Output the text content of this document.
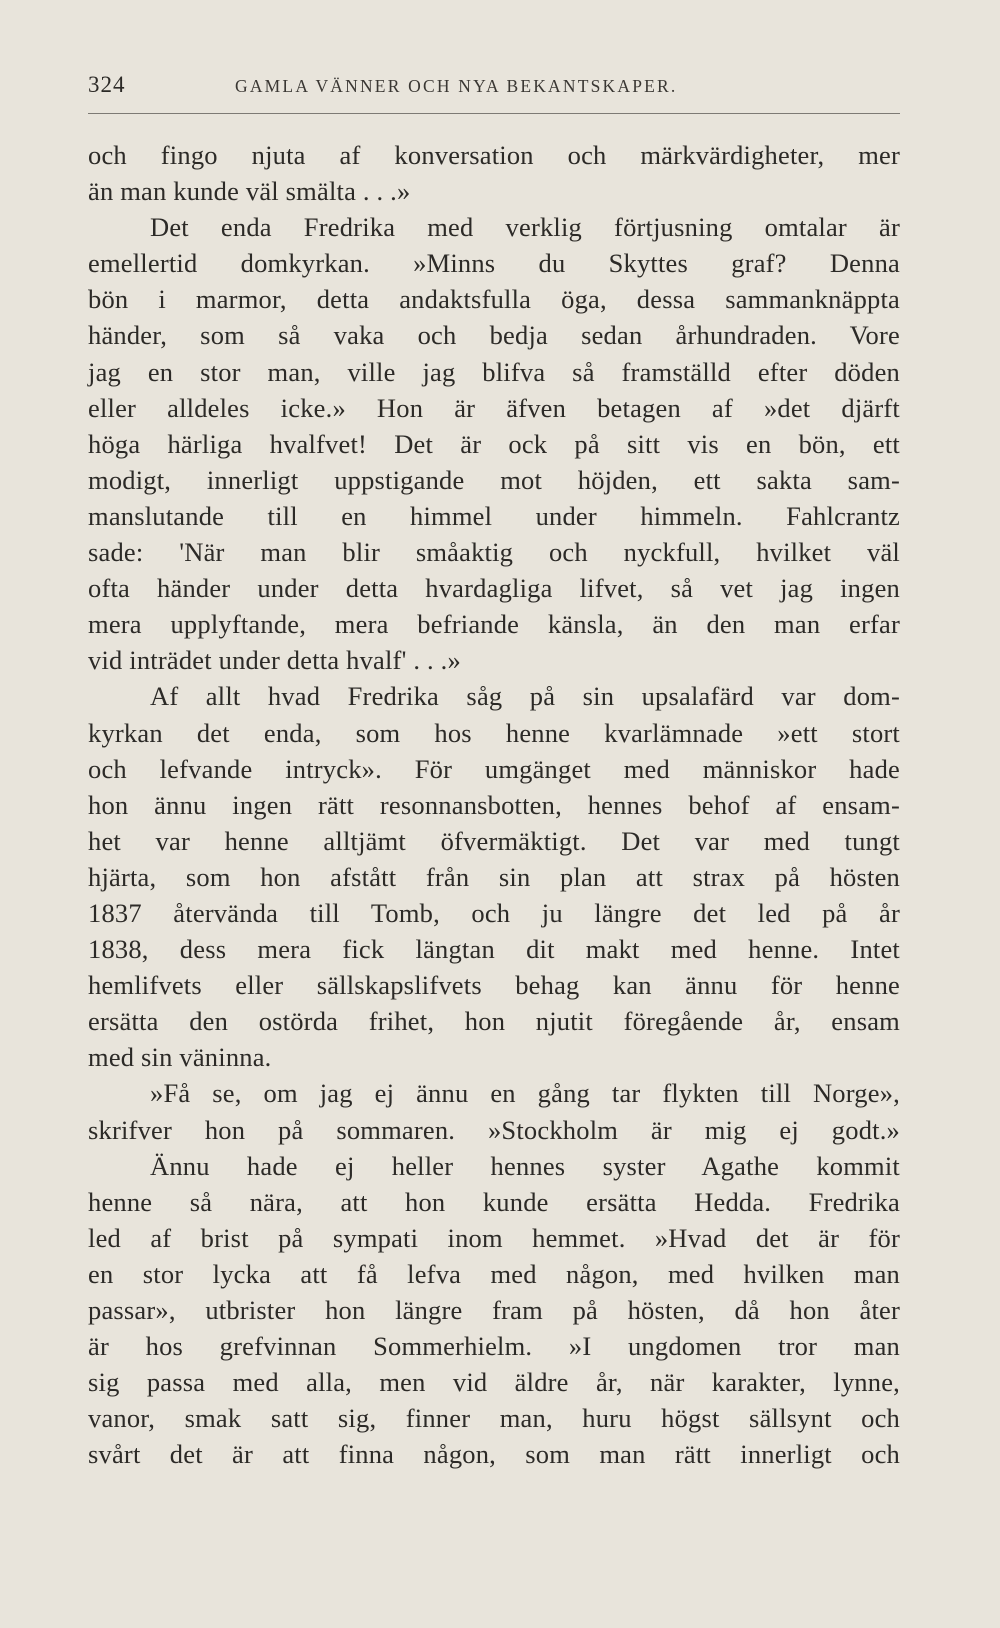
324	GAMLA VÄNNER OCH NYA BEKANTSKAPER.
och fingo njuta af konversation och märkvärdigheter, mer
än man kunde väl smälta . . .»
Det enda Fredrika med verklig förtjusning omtalar är
emellertid domkyrkan. »Minns du Skyttes graf? Denna
bön i marmor, detta andaktsfulla öga, dessa sammanknäppta
händer, som så vaka och bedja sedan århundraden. Vore
jag en stor man, ville jag blifva så framställd efter döden
eller alldeles icke.» Hon är äfven betagen af »det djärft
höga härliga hvalfvet! Det är ock på sitt vis en bön, ett
modigt, innerligt uppstigande mot höjden, ett sakta sam-
manslutande till en himmel under himmeln. Fahlcrantz
sade: 'När man blir småaktig och nyckfull, hvilket väl
ofta händer under detta hvardagliga lifvet, så vet jag ingen
mera upplyftande, mera befriande känsla, än den man erfar
vid inträdet under detta hvalf' . . .»
Af allt hvad Fredrika såg på sin upsalafärd var dom-
kyrkan det enda, som hos henne kvarlämnade »ett stort
och lefvande intryck». För umgänget med människor hade
hon ännu ingen rätt resonnansbotten, hennes behof af ensam-
het var henne alltjämt öfvermäktigt. Det var med tungt
hjärta, som hon afstått från sin plan att strax på hösten
1837 återvända till Tomb, och ju längre det led på år
1838, dess mera fick längtan dit makt med henne. Intet
hemlifvets eller sällskapslifvets behag kan ännu för henne
ersätta den ostörda frihet, hon njutit föregående år, ensam
med sin väninna.
»Få se, om jag ej ännu en gång tar flykten till Norge»,
skrifver hon på sommaren. »Stockholm är mig ej godt.»
Ännu hade ej heller hennes syster Agathe kommit
henne så nära, att hon kunde ersätta Hedda. Fredrika
led af brist på sympati inom hemmet. »Hvad det är för
en stor lycka att få lefva med någon, med hvilken man
passar», utbrister hon längre fram på hösten, då hon åter
är hos grefvinnan Sommerhielm. »I ungdomen tror man
sig passa med alla, men vid äldre år, när karakter, lynne,
vanor, smak satt sig, finner man, huru högst sällsynt och
svårt det är att finna någon, som man rätt innerligt och
